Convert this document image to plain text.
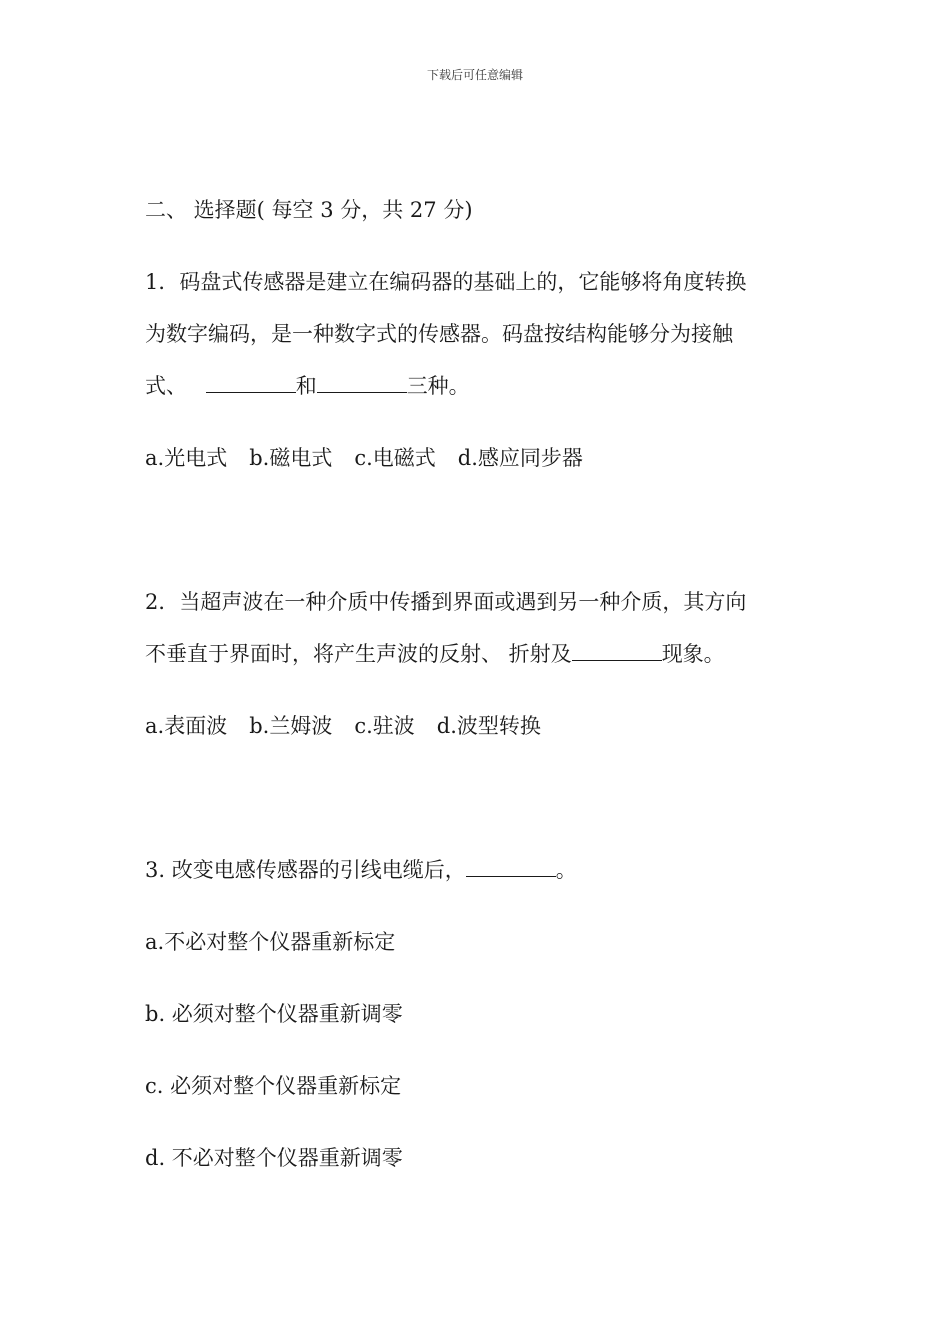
下载后可任意编辑
二、 选择题( 每空 3 分，共 27 分)
1．码盘式传感器是建立在编码器的基础上的，它能够将角度转换
为数字编码，是一种数字式的传感器。码盘按结构能够分为接触
式、	和	三种。
a.光电式 b.磁电式 c.电磁式 d.感应同步器
2．当超声波在一种介质中传播到界面或遇到另一种介质，其方向
不垂直于界面时，将产生声波的反射、 折射及	现象。
a.表面波 b.兰姆波 c.驻波 d.波型转换
3. 改变电感传感器的引线电缆后，	。
a.不必对整个仪器重新标定
b. 必须对整个仪器重新调零
c. 必须对整个仪器重新标定
d. 不必对整个仪器重新调零
